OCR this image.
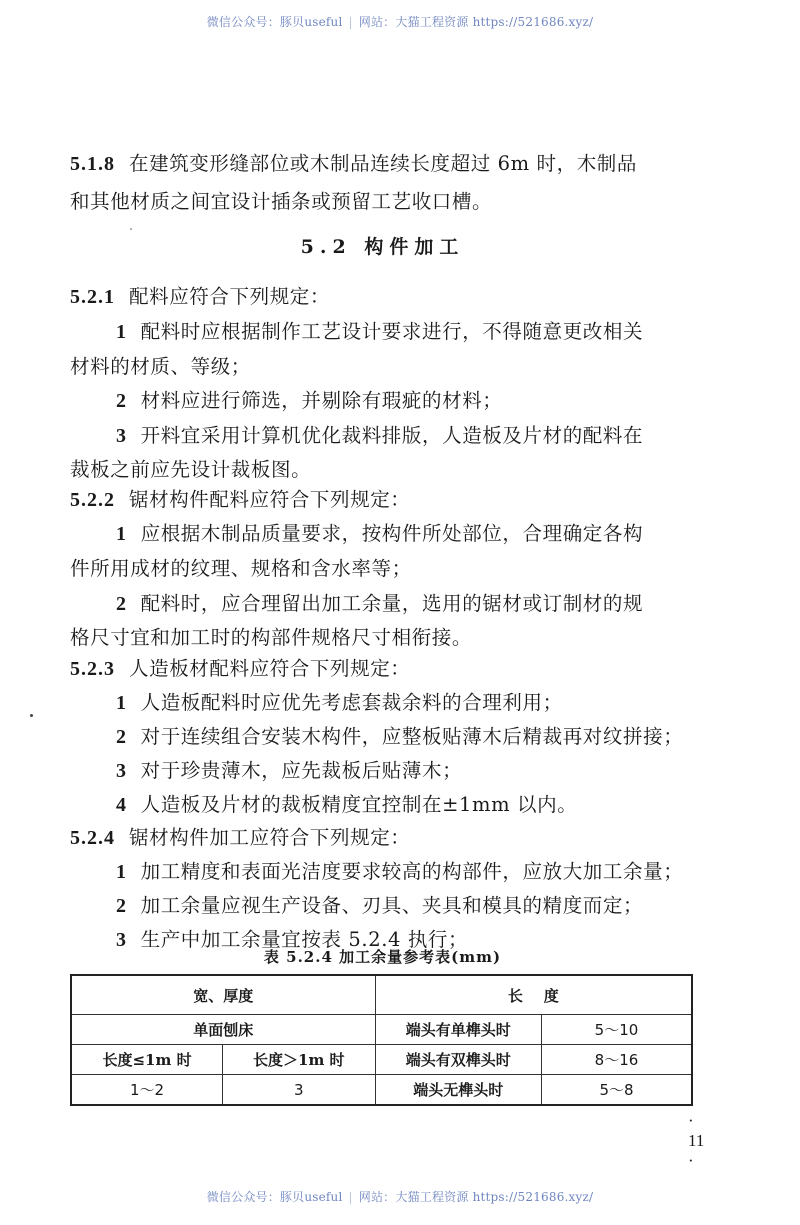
微信公众号：豚贝useful | 网站：大猫工程资源 https://521686.xyz/
5.1.8 在建筑变形缝部位或木制品连续长度超过 6m 时，木制品
和其他材质之间宜设计插条或预留工艺收口槽。
5.2 构件加工
5.2.1 配料应符合下列规定：
1 配料时应根据制作工艺设计要求进行，不得随意更改相关
材料的材质、等级；
2 材料应进行筛选，并剔除有瑕疵的材料；
3 开料宜采用计算机优化裁料排版，人造板及片材的配料在
裁板之前应先设计裁板图。
5.2.2 锯材构件配料应符合下列规定：
1 应根据木制品质量要求，按构件所处部位，合理确定各构
件所用成材的纹理、规格和含水率等；
2 配料时，应合理留出加工余量，选用的锯材或订制材的规
格尺寸宜和加工时的构部件规格尺寸相衔接。
5.2.3 人造板材配料应符合下列规定：
1 人造板配料时应优先考虑套裁余料的合理利用；
2 对于连续组合安装木构件，应整板贴薄木后精裁再对纹拼接；
3 对于珍贵薄木，应先裁板后贴薄木；
4 人造板及片材的裁板精度宜控制在±1mm 以内。
5.2.4 锯材构件加工应符合下列规定：
1 加工精度和表面光洁度要求较高的构部件，应放大加工余量；
2 加工余量应视生产设备、刃具、夹具和模具的精度而定；
3 生产中加工余量宜按表 5.2.4 执行；
表 5.2.4 加工余量参考表(mm)
宽、厚度		长    度	
单面刨床		端头有单榫头时	5～10
长度≤1m 时	长度＞1m 时	端头有双榫头时	8～16
1～2	3	端头无榫头时	5～8
· 11 ·
微信公众号：豚贝useful | 网站：大猫工程资源 https://521686.xyz/
